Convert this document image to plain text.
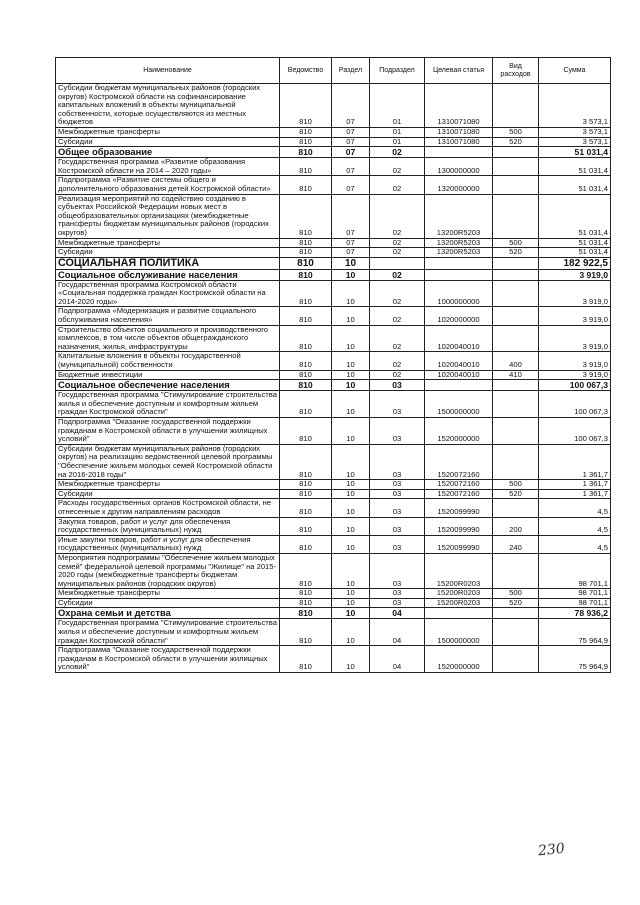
Наименование	Ведомство	Раздел	Подраздел	Целевая статья	Вид расходов	Сумма
Субсидии бюджетам муниципальных районов (городских округов) Костромской области на софинансирование капитальных вложений в объекты муниципальной собственности, которые осуществляются из местных бюджетов	810	07	01	1310071080		3 573,1
Межбюджетные трансферты	810	07	01	1310071080	500	3 573,1
Субсидии	810	07	01	1310071080	520	3 573,1
Общее образование	810	07	02			51 031,4
Государственная программа «Развитие образования Костромской области на 2014 – 2020 годы»	810	07	02	1300000000		51 031,4
Подпрограмма «Развитие системы общего и дополнительного образования детей Костромской области»	810	07	02	1320000000		51 031,4
Реализация мероприятий по содействию созданию в субъектах Российской Федерации новых мест в общеобразовательных организациях (межбюджетные трансферты бюджетам муниципальных районов (городских округов)	810	07	02	13200R5203		51 031,4
Межбюджетные трансферты	810	07	02	13200R5203	500	51 031,4
Субсидии	810	07	02	13200R5203	520	51 031,4
СОЦИАЛЬНАЯ ПОЛИТИКА	810	10				182 922,5
Социальное обслуживание населения	810	10	02			3 919,0
Государственная программа Костромской области «Социальная поддержка граждан Костромской области на 2014-2020 годы»	810	10	02	1000000000		3 919,0
Подпрограмма «Модернизация и развитие социального обслуживания населения»	810	10	02	1020000000		3 919,0
Строительство объектов социального и производственного комплексов, в том числе объектов общегражданского назначения, жилья, инфраструктуры	810	10	02	1020040010		3 919,0
Капитальные вложения в объекты государственной (муниципальной) собственности	810	10	02	1020040010	400	3 919,0
Бюджетные инвестиции	810	10	02	1020040010	410	3 919,0
Социальное обеспечение населения	810	10	03			100 067,3
Государственная программа "Стимулирование строительства жилья и обеспечение доступным и комфортным жильем граждан Костромской области"	810	10	03	1500000000		100 067,3
Подпрограмма "Оказание государственной поддержки гражданам в Костромской области в улучшении жилищных условий"	810	10	03	1520000000		100 067,3
Субсидии бюджетам муниципальных районов (городских округов) на реализацию ведомственной целевой программы "Обеспечение жильем молодых семей Костромской области на 2016-2018 годы"	810	10	03	1520072160		1 361,7
Межбюджетные трансферты	810	10	03	1520072160	500	1 361,7
Субсидии	810	10	03	1520072160	520	1 361,7
Расходы государственных органов Костромской области, не отнесенные к другим направлениям расходов	810	10	03	1520099990		4,5
Закупка товаров, работ и услуг для обеспечения государственных (муниципальных) нужд	810	10	03	1520099990	200	4,5
Иные закупки товаров, работ и услуг для обеспечения государственных (муниципальных) нужд	810	10	03	1520099990	240	4,5
Мероприятия подпрограммы "Обеспечение жильем молодых семей" федеральной целевой программы "Жилище" на 2015-2020 годы (межбюджетные трансферты бюджетам муниципальных районов (городских округов)	810	10	03	15200R0203		98 701,1
Межбюджетные трансферты	810	10	03	15200R0203	500	98 701,1
Субсидии	810	10	03	15200R0203	520	98 701,1
Охрана семьи и детства	810	10	04			78 936,2
Государственная программа "Стимулирование строительства жилья и обеспечение доступным и комфортным жильем граждан Костромской области"	810	10	04	1500000000		75 964,9
Подпрограмма "Оказание государственной поддержки гражданам в Костромской области в улучшении жилищных условий"	810	10	04	1520000000		75 964,9
230
